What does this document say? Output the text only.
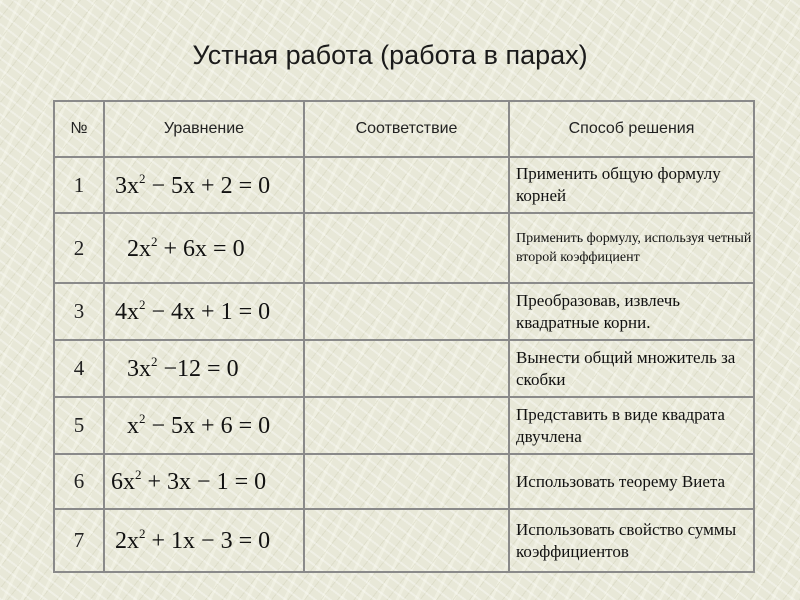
Устная работа (работа в парах)
№	Уравнение	Соответствие	Способ решения
1	$3x^2 - 5x + 2 = 0$		Применить общую формулу корней
2	$2x^2 + 6x = 0$		Применить формулу, используя четный второй коэффициент
3	$4x^2 - 4x + 1 = 0$		Преобразовав, извлечь квадратные корни.
4	$3x^2 -12 = 0$		Вынести общий множитель за скобки
5	$x^2 - 5x + 6 = 0$		Представить в виде квадрата двучлена
6	$6x^2 + 3x - 1 = 0$		Использовать теорему Виета
7	$2x^2 + 1x - 3 = 0$		Использовать свойство суммы коэффициентов
